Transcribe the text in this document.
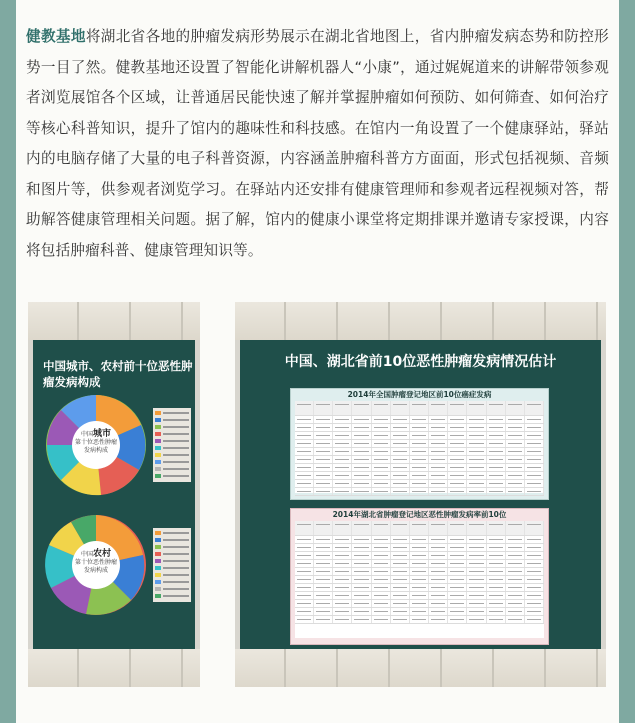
健教基地将湖北省各地的肿瘤发病形势展示在湖北省地图上，省内肿瘤发病态势和防控形势一目了然。健教基地还设置了智能化讲解机器人“小康”，通过娓娓道来的讲解带领参观者浏览展馆各个区域，让普通居民能快速了解并掌握肿瘤如何预防、如何筛查、如何治疗等核心科普知识，提升了馆内的趣味性和科技感。在馆内一角设置了一个健康驿站，驿站内的电脑存储了大量的电子科普资源，内容涵盖肿瘤科普方方面面，形式包括视频、音频和图片等，供参观者浏览学习。在驿站内还安排有健康管理师和参观者远程视频对答，帮助解答健康管理相关问题。据了解，馆内的健康小课堂将定期排课并邀请专家授课，内容将包括肿瘤科普、健康管理知识等。
中国城市、农村前十位恶性肿瘤发病构成
中国城市
第十位恶性肿瘤
发病构成
中国农村
第十位恶性肿瘤
发病构成
中国、湖北省前10位恶性肿瘤发病情况估计
2014年全国肿瘤登记地区前10位癌症发病
2014年湖北省肿瘤登记地区恶性肿瘤发病率前10位
